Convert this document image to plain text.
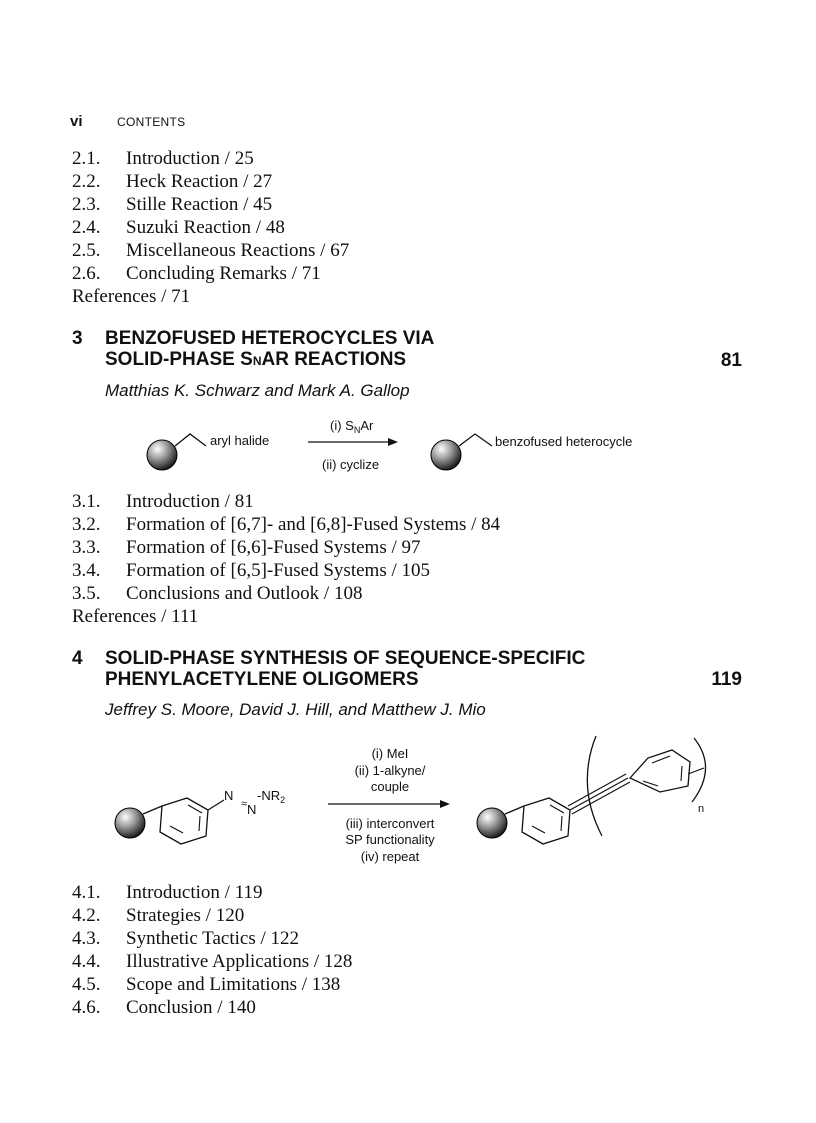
vi	CONTENTS
2.1. Introduction / 25
2.2. Heck Reaction / 27
2.3. Stille Reaction / 45
2.4. Suzuki Reaction / 48
2.5. Miscellaneous Reactions / 67
2.6. Concluding Remarks / 71
References / 71
3 BENZOFUSED HETEROCYCLES VIA
SOLID-PHASE SNAR REACTIONS	81
Matthias K. Schwarz and Mark A. Gallop
aryl halide
(i) $S_NAr$
(ii) cyclize
benzofused heterocycle
3.1. Introduction / 81
3.2. Formation of [6,7]- and [6,8]-Fused Systems / 84
3.3. Formation of [6,6]-Fused Systems / 97
3.4. Formation of [6,5]-Fused Systems / 105
3.5. Conclusions and Outlook / 108
References / 111
4 SOLID-PHASE SYNTHESIS OF SEQUENCE-SPECIFIC
PHENYLACETYLENE OLIGOMERS	119
Jeffrey S. Moore, David J. Hill, and Matthew J. Mio
N
≈ N
$-NR_2$
(i) MeI
(ii) 1-alkyne/
couple
(iii) interconvert
SP functionality
(iv) repeat
n
4.1. Introduction / 119
4.2. Strategies / 120
4.3. Synthetic Tactics / 122
4.4. Illustrative Applications / 128
4.5. Scope and Limitations / 138
4.6. Conclusion / 140
